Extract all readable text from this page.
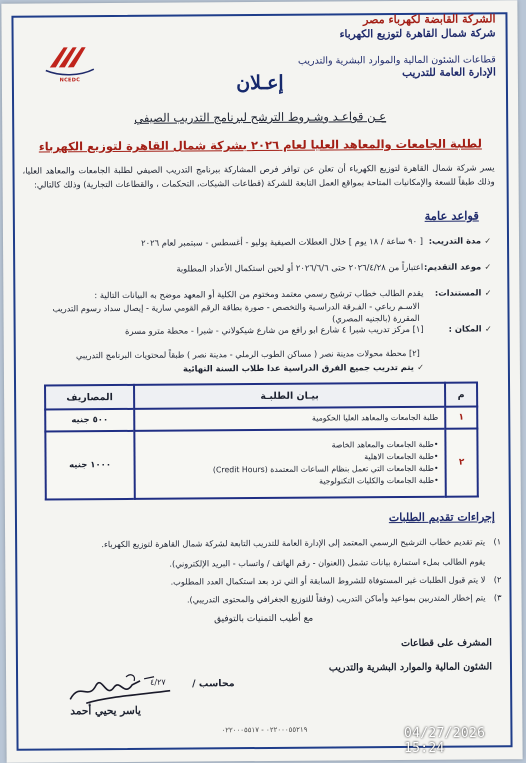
الشركة القابضة لكهرباء مصر
شركة شمال القاهرة لتوزيع الكهرباء
قطاعات الشئون المالية والموارد البشرية والتدريب
الإدارة العامة للتدريب
NCEDC	إعـلان
عـن قواعـد وشـروط الترشح لبرنامج التدريب الصيفي
لطلبة الجامعات والمعاهد العليا لعام ٢٠٢٦ بشركة شمال القاهرة لتوزيع الكهرباء
يسر شركة شمال القاهرة لتوزيع الكهرباء أن تعلن عن توافر فرص المشاركة ببرنامج التدريب الصيفي لطلبة الجامعات والمعاهد العليا، وذلك طبقاً للسعة والإمكانيات المتاحة بمواقع العمل التابعة للشركة (قطاعات الشبكات، التحكمات ، والقطاعات التجارية) وذلك كالتالي:
قواعد عامة
✓
مدة التدريب:
[ ٩٠ ساعة / ١٨ يوم ] خلال العطلات الصيفية يوليو - أغسطس - سبتمبر لعام ٢٠٢٦
✓
موعد التقديم:
اعتباراً من ٢٠٢٦/٤/٢٨ حتى ٢٠٢٦/٦/٦ أو لحين استكمال الأعداد المطلوبة
✓
المستندات:
يقدم الطالب خطاب ترشيح رسمي معتمد ومختوم من الكلية أو المعهد موضح به البيانات التالية :
الاسـم رباعي - الفـرقة الدراسـية والتخصص - صورة بطاقة الرقم القومي سارية - إيصال سداد رسوم التدريب المقررة (بالجنيه المصري)
✓
المكان :
[١] مركز تدريب شبرا ٤ شارع ابو رافع من شارع شيكولاني - شبرا - محطة مترو مسرة
[٢] محطة محولات مدينة نصر ( مساكن الطوب الرملي - مدينة نصر ) طبقاً لمحتويات البرنامج التدريبي
✓
يتم تدريب جميع الفرق الدراسية عدا طلاب السنة النهائية
م	بيـان الطلبـة	المصاريف
١	طلبة الجامعات والمعاهد العليا الحكومية	٥٠٠ جنيه
٢	•طلبة الجامعات والمعاهد الخاصة
•طلبة الجامعات الاهلية
•طلبة الجامعات التي تعمل بنظام الساعات المعتمدة (Credit Hours)
•طلبة الجامعات والكليات التكنولوجية	١٠٠٠ جنيه
إجراءات تقديم الطلبات
١)يتم تقديم خطاب الترشيح الرسمي المعتمد إلى الإدارة العامة للتدريب التابعة لشركة شمال القاهرة لتوزيع الكهرباء.
يقوم الطالب بملء استمارة بيانات تشمل (العنوان - رقم الهاتف / واتساب - البريد الإلكتروني).
٢)لا يتم قبول الطلبات غير المستوفاة للشروط السابقة أو التي ترد بعد استكمال العدد المطلوب.
٣)يتم إخطار المتدربين بمواعيد وأماكن التدريب (وفقاً للتوزيع الجغرافي والمحتوى التدريبي).
مع أطيب التمنيات بالتوفيق
المشرف على قطاعات
الشئون المالية والموارد البشرية والتدريب
محاسب /
٤/٢٧
ياسر يحيي أحمد
٠٢٢٠٠٠٥٥٢١٩ - ٠٢٢٠٠٠٥٥١٧	04/27/2026 15:24
